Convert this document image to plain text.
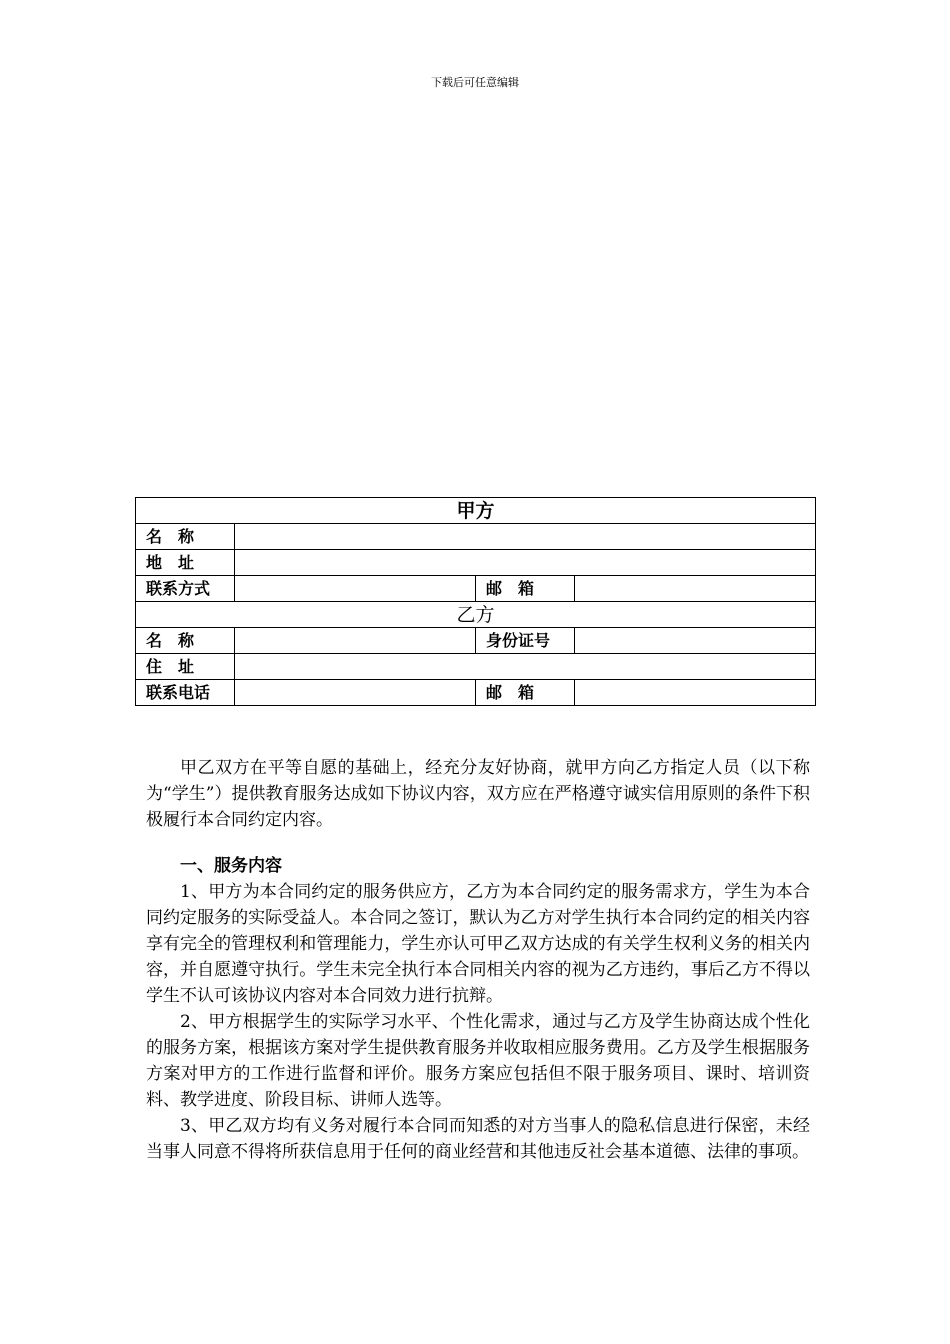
下载后可任意编辑
甲方			
名　称			
地　址			
联系方式		邮　箱	
乙方			
名　称		身份证号	
住　址			
联系电话		邮　箱	

甲乙双方在平等自愿的基础上，经充分友好协商，就甲方向乙方指定人员（以下称为“学生”）提供教育服务达成如下协议内容，双方应在严格遵守诚实信用原则的条件下积极履行本合同约定内容。

一、服务内容

1、甲方为本合同约定的服务供应方，乙方为本合同约定的服务需求方，学生为本合同约定服务的实际受益人。本合同之签订，默认为乙方对学生执行本合同约定的相关内容享有完全的管理权利和管理能力，学生亦认可甲乙双方达成的有关学生权利义务的相关内容，并自愿遵守执行。学生未完全执行本合同相关内容的视为乙方违约，事后乙方不得以学生不认可该协议内容对本合同效力进行抗辩。

2、甲方根据学生的实际学习水平、个性化需求，通过与乙方及学生协商达成个性化的服务方案，根据该方案对学生提供教育服务并收取相应服务费用。乙方及学生根据服务方案对甲方的工作进行监督和评价。服务方案应包括但不限于服务项目、课时、培训资料、教学进度、阶段目标、讲师人选等。

3、甲乙双方均有义务对履行本合同而知悉的对方当事人的隐私信息进行保密，未经当事人同意不得将所获信息用于任何的商业经营和其他违反社会基本道德、法律的事项。
